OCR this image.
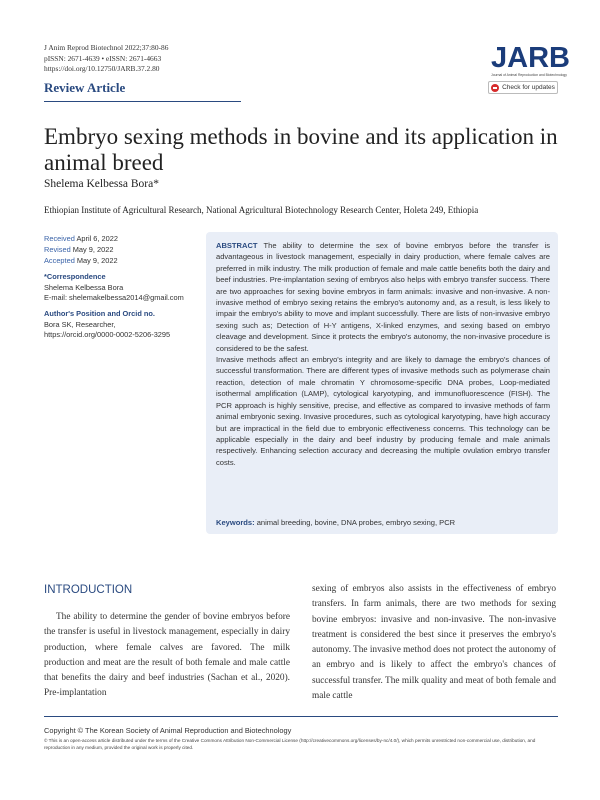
J Anim Reprod Biotechnol 2022;37:80-86
pISSN: 2671-4639 • eISSN: 2671-4663
https://doi.org/10.12750/JARB.37.2.80
Review Article
JARB
Journal of Animal Reproduction and Biotechnology
Check for updates
Embryo sexing methods in bovine and its application in animal breed
Shelema Kelbessa Bora*
Ethiopian Institute of Agricultural Research, National Agricultural Biotechnology Research Center, Holeta 249, Ethiopia
Received April 6, 2022
Revised May 9, 2022
Accepted May 9, 2022
*Correspondence
Shelema Kelbessa Bora
E-mail: shelemakelbessa2014@gmail.com
Author's Position and Orcid no.
Bora SK, Researcher,
https://orcid.org/0000-0002-5206-3295

ABSTRACT The ability to determine the sex of bovine embryos before the transfer is advantageous in livestock management, especially in dairy production, where female calves are preferred in milk industry. The milk production of female and male cattle benefits both the dairy and beef industries. Pre-implantation sexing of embryos also helps with embryo transfer success. There are two approaches for sexing bovine embryos in farm animals: invasive and non-invasive. A non-invasive method of embryo sexing retains the embryo's autonomy and, as a result, is less likely to impair the embryo's ability to move and implant successfully. There are lists of non-invasive embryo sexing such as; Detection of H-Y antigens, X-linked enzymes, and sexing based on embryo cleavage and development. Since it protects the embryo's autonomy, the non-invasive procedure is considered to be the safest.

Invasive methods affect an embryo's integrity and are likely to damage the embryo's chances of successful transformation. There are different types of invasive methods such as polymerase chain reaction, detection of male chromatin Y chromosome-specific DNA probes, Loop-mediated isothermal amplification (LAMP), cytological karyotyping, and immunofluorescence (FISH). The PCR approach is highly sensitive, precise, and effective as compared to invasive methods of farm animal embryonic sexing. Invasive procedures, such as cytological karyotyping, have high accuracy but are impractical in the field due to embryonic effectiveness concerns. This technology can be applicable especially in the dairy and beef industry by producing female and male animals respectively. Enhancing selection accuracy and decreasing the multiple ovulation embryo transfer costs.

Keywords: animal breeding, bovine, DNA probes, embryo sexing, PCR
INTRODUCTION
The ability to determine the gender of bovine embryos before the transfer is useful in livestock management, especially in dairy production, where female calves are favored. The milk production and meat are the result of both female and male cattle that benefits the dairy and beef industries (Sachan et al., 2020). Pre-implantation
sexing of embryos also assists in the effectiveness of embryo transfers. In farm animals, there are two methods for sexing bovine embryos: invasive and non-invasive. The non-invasive treatment is considered the best since it preserves the embryo's autonomy. The invasive method does not protect the autonomy of an embryo and is likely to affect the embryo's chances of successful transfer. The milk quality and meat of both female and male cattle
Copyright © The Korean Society of Animal Reproduction and Biotechnology
© This is an open-access article distributed under the terms of the Creative Commons Attribution Non-Commercial License (http://creativecommons.org/licenses/by-nc/4.0/), which permits unrestricted non-commercial use, distribution, and reproduction in any medium, provided the original work is properly cited.
